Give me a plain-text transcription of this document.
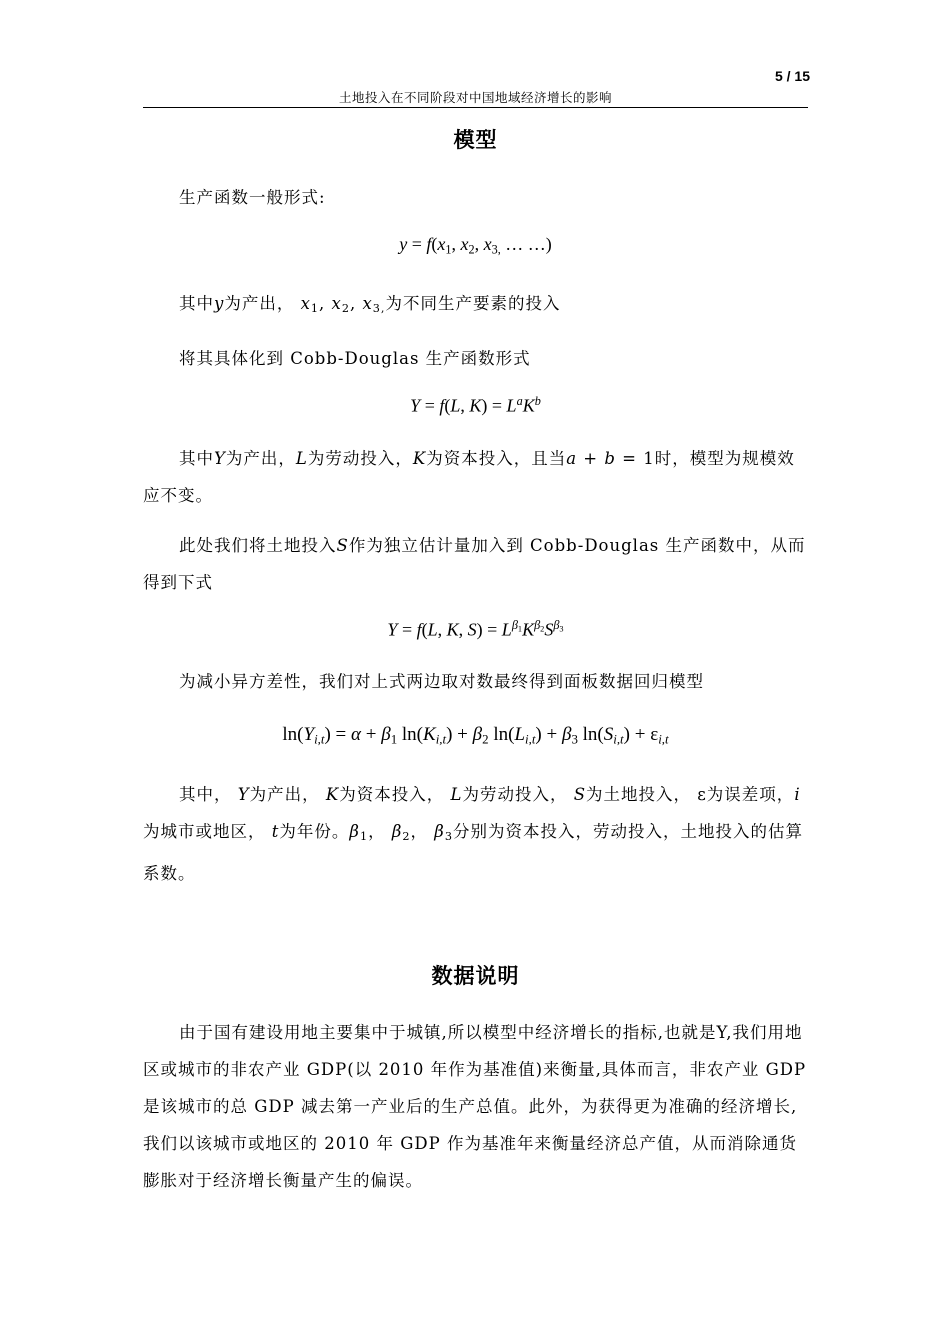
5 / 15
土地投入在不同阶段对中国地域经济增长的影响
模型
生产函数一般形式:
$y = f(x_1$, $x_2$, $x_{3,}$ … …)
其中y为产出， $x_1$, $x_2$, $x_{3,}$为不同生产要素的投入
将其具体化到 Cobb-Douglas 生产函数形式
Y = f(L, $K) = L^aK^b$
其中Y为产出，L为劳动投入，K为资本投入，且当a + b = 1时，模型为规模效应不变。
此处我们将土地投入S作为独立估计量加入到 Cobb-Douglas 生产函数中，从而得到下式
Y = f(L, K, $S) = L^{\beta_1}K^{\beta_2}S^{\beta_3}$
为减小异方差性，我们对上式两边取对数最终得到面板数据回归模型
$\ln(Y_{i,t}) = \alpha + \beta_1$ $\ln(K_{i,t}) + \beta_2$ $\ln(L_{i,t}) + \beta_3$ $\ln(S_{i,t}) + \varepsilon_{i,t}$
其中， Y为产出， K为资本投入， L为劳动投入， S为土地投入， ε为误差项，i为城市或地区， t为年份。$\beta_1$， $\beta_2$， $\beta_3$分别为资本投入，劳动投入，土地投入的估算系数。
数据说明
由于国有建设用地主要集中于城镇,所以模型中经济增长的指标,也就是Y,我们用地区或城市的非农产业 GDP(以 2010 年作为基准值)来衡量,具体而言，非农产业 GDP 是该城市的总 GDP 减去第一产业后的生产总值。此外，为获得更为准确的经济增长,我们以该城市或地区的 2010 年 GDP 作为基准年来衡量经济总产值，从而消除通货膨胀对于经济增长衡量产生的偏误。
